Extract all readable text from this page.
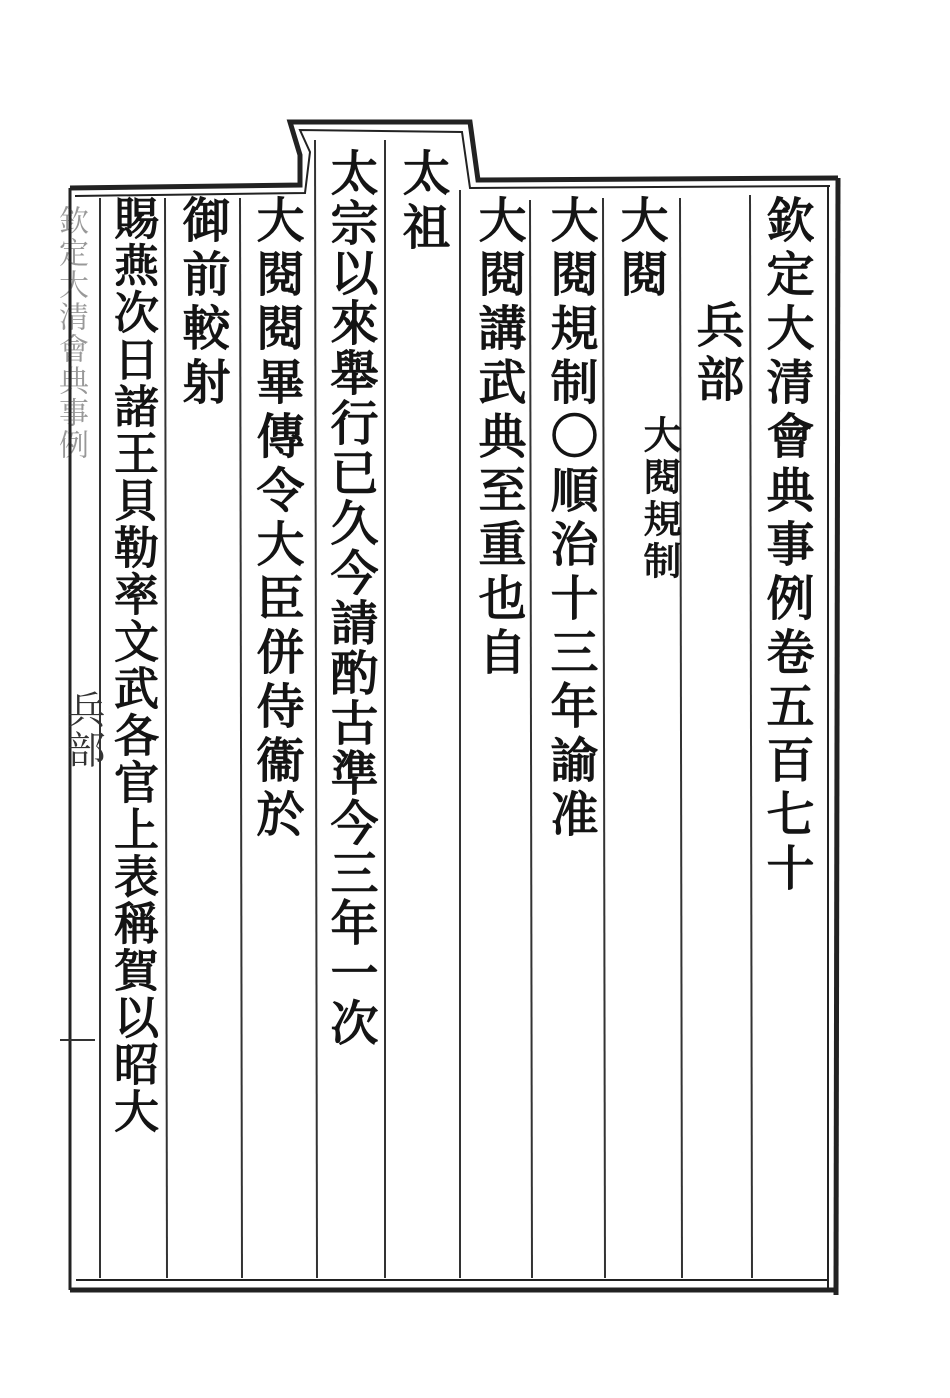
欽定大清會典事例卷五百七十
兵部
大閱規制
大閱
大閱規制〇順治十三年諭准
大閱講武典至重也自
太祖
太宗以來舉行已久今請酌古準今三年一次
大閱閱畢傳令大臣併侍衞於
御前較射
賜燕次日諸王貝勒率文武各官上表稱賀以昭大
欽定大清會典事例
兵部
